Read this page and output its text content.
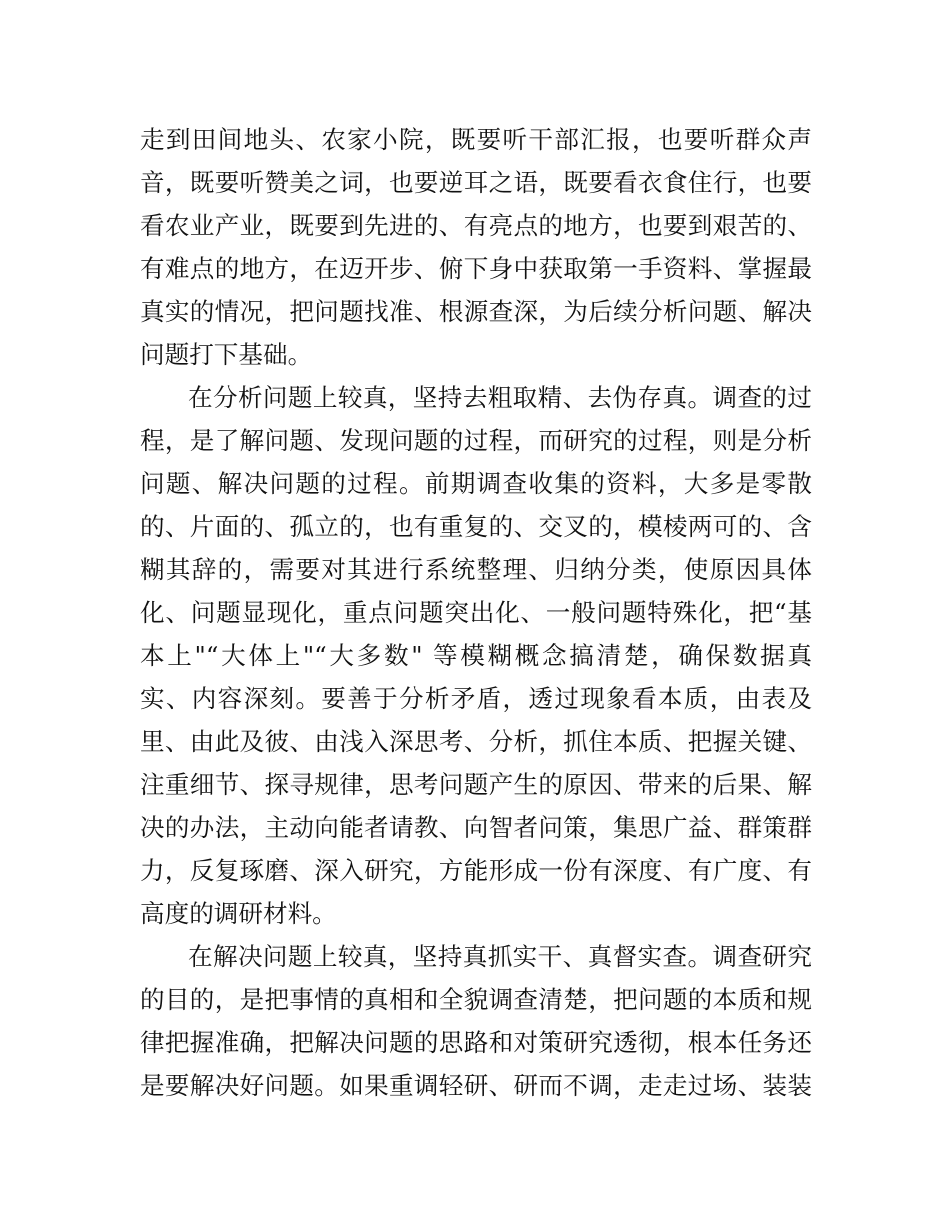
走到田间地头、农家小院，既要听干部汇报，也要听群众声
音，既要听赞美之词，也要逆耳之语，既要看衣食住行，也要
看农业产业，既要到先进的、有亮点的地方，也要到艰苦的、
有难点的地方，在迈开步、俯下身中获取第一手资料、掌握最
真实的情况，把问题找准、根源查深，为后续分析问题、解决
问题打下基础。
在分析问题上较真，坚持去粗取精、去伪存真。调查的过
程，是了解问题、发现问题的过程，而研究的过程，则是分析
问题、解决问题的过程。前期调查收集的资料，大多是零散
的、片面的、孤立的，也有重复的、交叉的，模棱两可的、含
糊其辞的，需要对其进行系统整理、归纳分类，使原因具体
化、问题显现化，重点问题突出化、一般问题特殊化，把“基
本上"“大体上"“大多数" 等模糊概念搞清楚，确保数据真
实、内容深刻。要善于分析矛盾，透过现象看本质，由表及
里、由此及彼、由浅入深思考、分析，抓住本质、把握关键、
注重细节、探寻规律，思考问题产生的原因、带来的后果、解
决的办法，主动向能者请教、向智者问策，集思广益、群策群
力，反复琢磨、深入研究，方能形成一份有深度、有广度、有
高度的调研材料。
在解决问题上较真，坚持真抓实干、真督实查。调查研究
的目的，是把事情的真相和全貌调查清楚，把问题的本质和规
律把握准确，把解决问题的思路和对策研究透彻，根本任务还
是要解决好问题。如果重调轻研、研而不调，走走过场、装装
